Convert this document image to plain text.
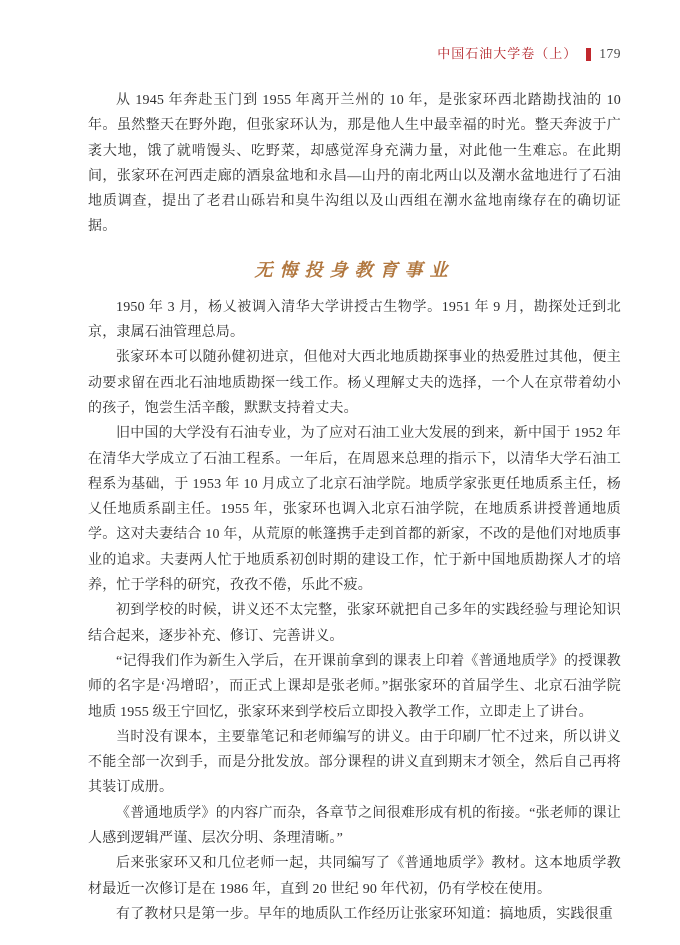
中国石油大学卷（上） 179

从 1945 年奔赴玉门到 1955 年离开兰州的 10 年，是张家环西北踏勘找油的 10 年。虽然整天在野外跑，但张家环认为，那是他人生中最幸福的时光。整天奔波于广袤大地，饿了就啃馒头、吃野菜，却感觉浑身充满力量，对此他一生难忘。在此期间，张家环在河西走廊的酒泉盆地和永昌—山丹的南北两山以及潮水盆地进行了石油地质调查，提出了老君山砾岩和臭牛沟组以及山西组在潮水盆地南缘存在的确切证据。

无悔投身教育事业

1950 年 3 月，杨乂被调入清华大学讲授古生物学。1951 年 9 月，勘探处迁到北京，隶属石油管理总局。

张家环本可以随孙健初进京，但他对大西北地质勘探事业的热爱胜过其他，便主动要求留在西北石油地质勘探一线工作。杨乂理解丈夫的选择，一个人在京带着幼小的孩子，饱尝生活辛酸，默默支持着丈夫。

旧中国的大学没有石油专业，为了应对石油工业大发展的到来，新中国于 1952 年在清华大学成立了石油工程系。一年后，在周恩来总理的指示下，以清华大学石油工程系为基础，于 1953 年 10 月成立了北京石油学院。地质学家张更任地质系主任，杨乂任地质系副主任。1955 年，张家环也调入北京石油学院，在地质系讲授普通地质学。这对夫妻结合 10 年，从荒原的帐篷携手走到首都的新家，不改的是他们对地质事业的追求。夫妻两人忙于地质系初创时期的建设工作，忙于新中国地质勘探人才的培养，忙于学科的研究，孜孜不倦，乐此不疲。

初到学校的时候，讲义还不太完整，张家环就把自己多年的实践经验与理论知识结合起来，逐步补充、修订、完善讲义。

“记得我们作为新生入学后，在开课前拿到的课表上印着《普通地质学》的授课教师的名字是‘冯增昭’，而正式上课却是张老师。”据张家环的首届学生、北京石油学院地质 1955 级王宁回忆，张家环来到学校后立即投入教学工作，立即走上了讲台。

当时没有课本，主要靠笔记和老师编写的讲义。由于印刷厂忙不过来，所以讲义不能全部一次到手，而是分批发放。部分课程的讲义直到期末才领全，然后自己再将其装订成册。

《普通地质学》的内容广而杂，各章节之间很难形成有机的衔接。“张老师的课让人感到逻辑严谨、层次分明、条理清晰。”

后来张家环又和几位老师一起，共同编写了《普通地质学》教材。这本地质学教材最近一次修订是在 1986 年，直到 20 世纪 90 年代初，仍有学校在使用。

有了教材只是第一步。早年的地质队工作经历让张家环知道：搞地质，实践很重
